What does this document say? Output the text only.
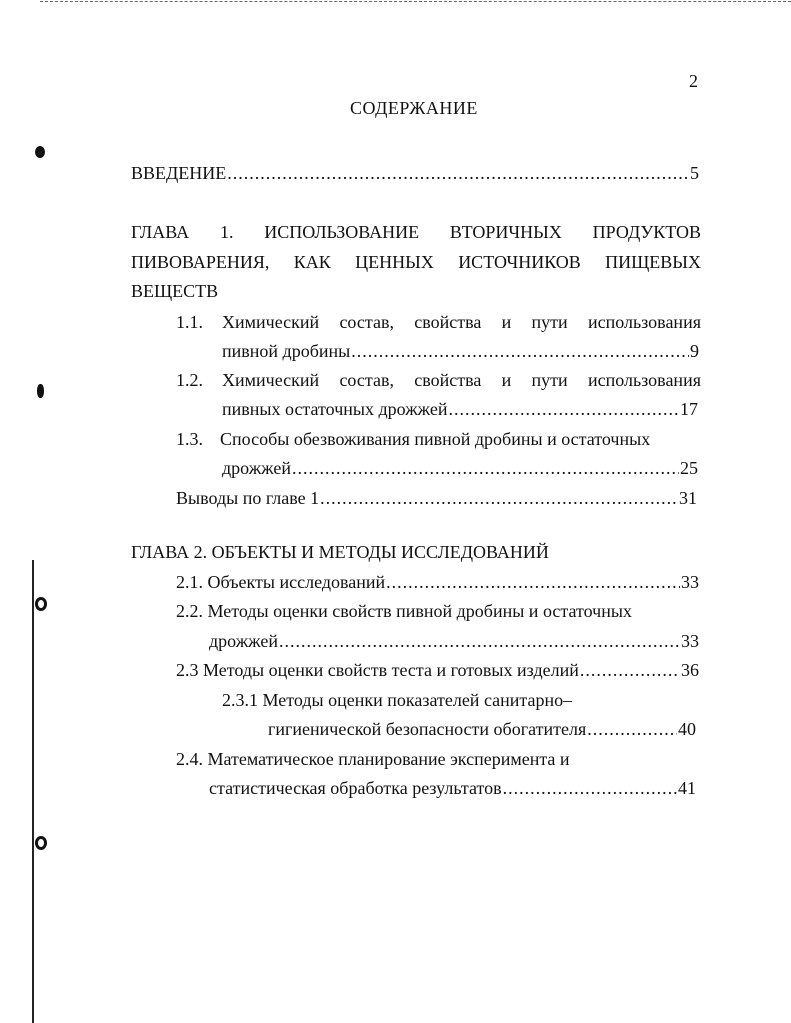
2
СОДЕРЖАНИЕ
ВВЕДЕНИЕ .....	5
ГЛАВА 1. ИСПОЛЬЗОВАНИЕ ВТОРИЧНЫХ ПРОДУКТОВ
ПИВОВАРЕНИЯ, КАК ЦЕННЫХ ИСТОЧНИКОВ ПИЩЕВЫХ
ВЕЩЕСТВ
1.1. Химический состав, свойства и пути использования
пивной дробины .....	9
1.2. Химический состав, свойства и пути использования
пивных остаточных дрожжей .....	17
1.3. Способы обезвоживания пивной дробины и остаточных
дрожжей .....	25
Выводы по главе 1 .....	31
ГЛАВА 2. ОБЪЕКТЫ И МЕТОДЫ ИССЛЕДОВАНИЙ
2.1. Объекты исследований .....	33
2.2. Методы оценки свойств пивной дробины и остаточных
дрожжей .....	33
2.3 Методы оценки свойств теста и готовых изделий .....	36
2.3.1 Методы оценки показателей санитарно–
гигиенической безопасности обогатителя .....	40
2.4. Математическое планирование эксперимента и
статистическая обработка результатов .....	41
